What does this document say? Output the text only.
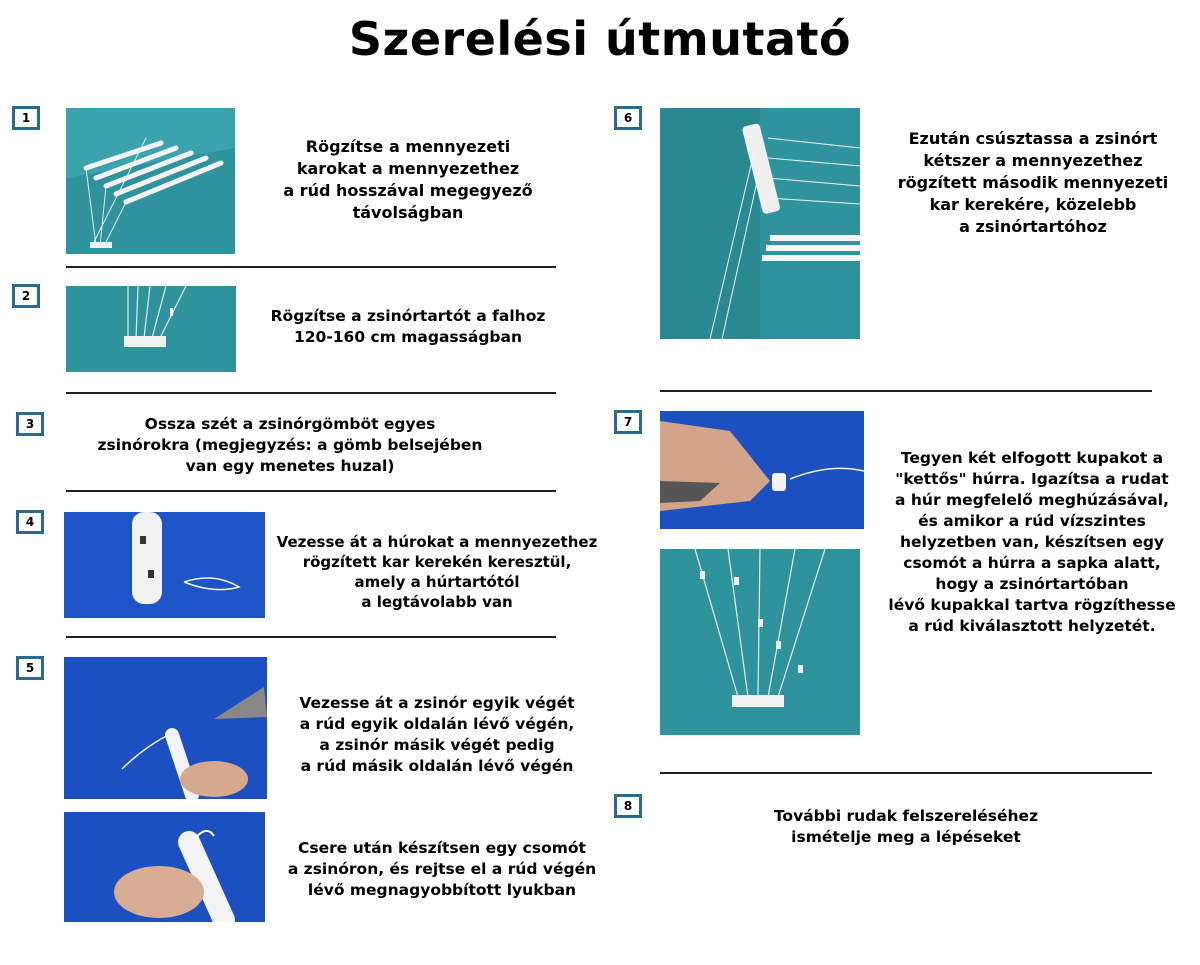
Szerelési útmutató
1
Rögzítse a mennyezeti
karokat a mennyezethez
a rúd hosszával megegyező
távolságban
2
Rögzítse a zsinórtartót a falhoz
120-160 cm magasságban
3	Ossza szét a zsinórgömböt egyes
zsinórokra (megjegyzés: a gömb belsejében
van egy menetes huzal)
4
Vezesse át a húrokat a mennyezethez
rögzített kar kerekén keresztül,
amely a húrtartótól
a legtávolabb van
5
Vezesse át a zsinór egyik végét
a rúd egyik oldalán lévő végén,
a zsinór másik végét pedig
a rúd másik oldalán lévő végén
Csere után készítsen egy csomót
a zsinóron, és rejtse el a rúd végén
lévő megnagyobbított lyukban
6
Ezután csúsztassa a zsinórt
kétszer a mennyezethez
rögzített második mennyezeti
kar kerekére, közelebb
a zsinórtartóhoz
7
Tegyen két elfogott kupakot a
"kettős" húrra. Igazítsa a rudat
a húr megfelelő meghúzásával,
és amikor a rúd vízszintes
helyzetben van, készítsen egy
csomót a húrra a sapka alatt,
hogy a zsinórtartóban
lévő kupakkal tartva rögzíthesse
a rúd kiválasztott helyzetét.
8
További rudak felszereléséhez
ismételje meg a lépéseket
